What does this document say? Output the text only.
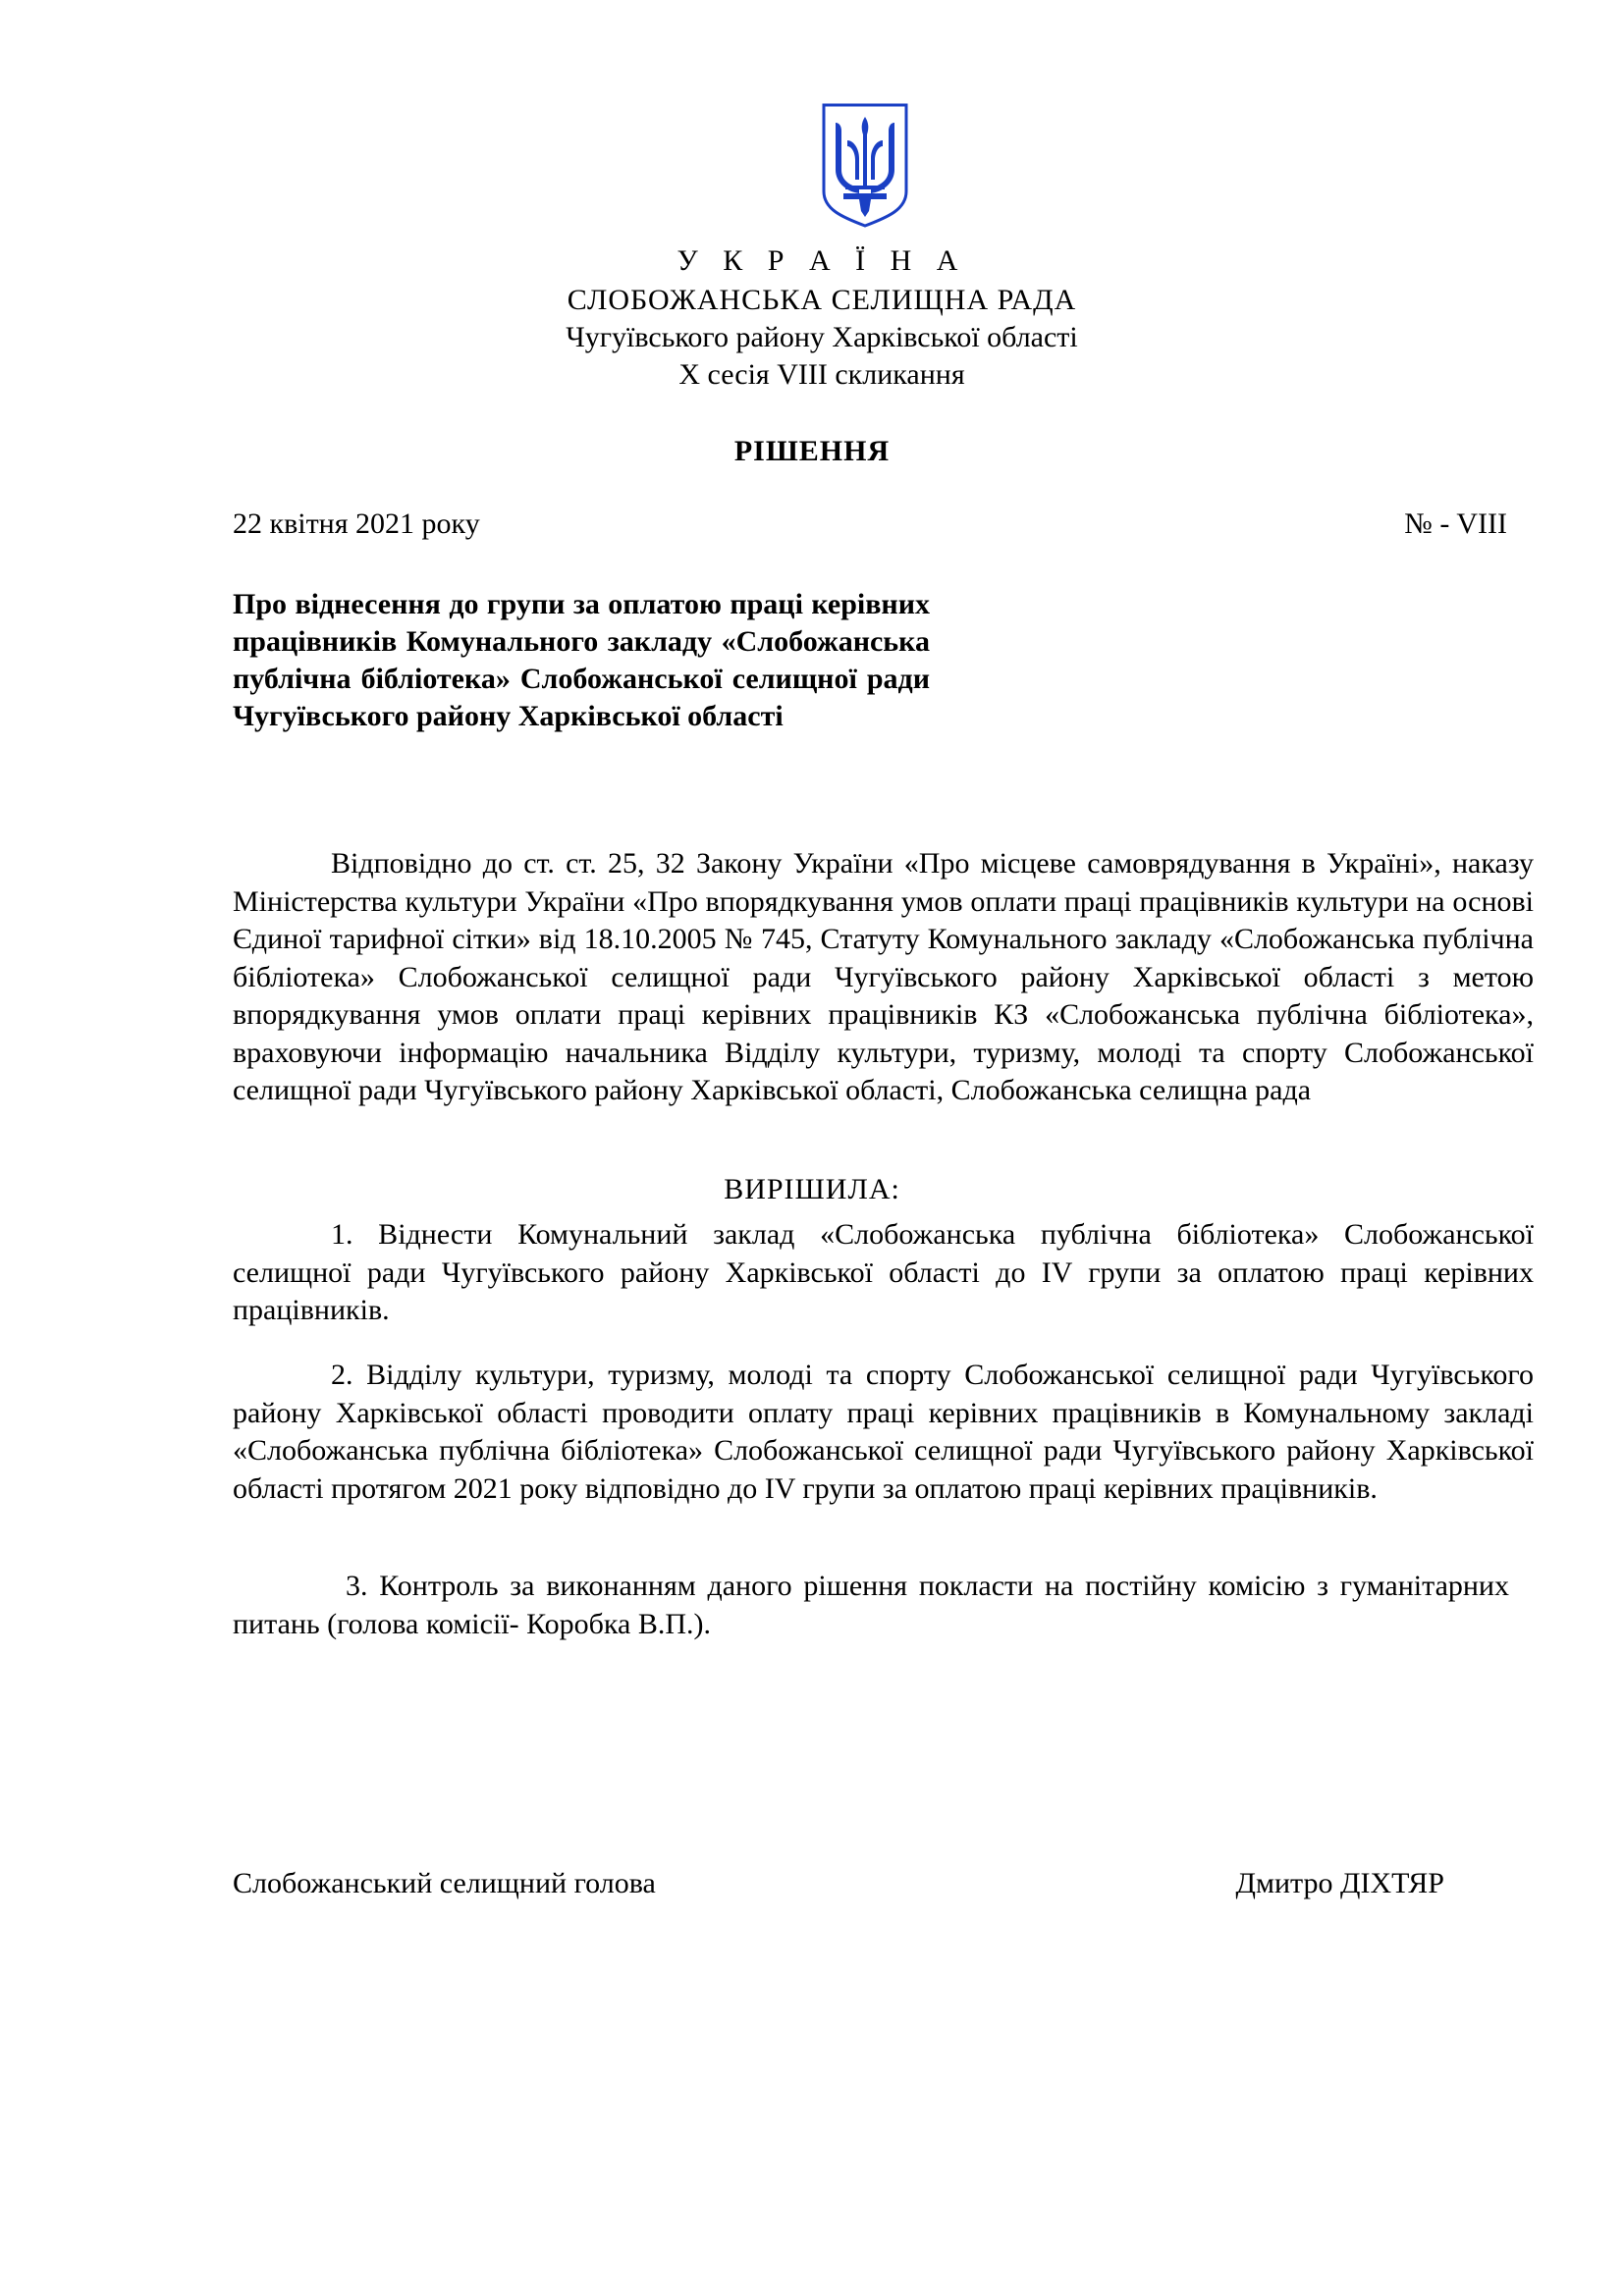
У К Р А Ї Н А
СЛОБОЖАНСЬКА СЕЛИЩНА РАДА
Чугуївського району Харківської області
X сесія VIII скликання
РІШЕННЯ
22 квітня 2021 року	№ - VIII
Про віднесення до групи за оплатою праці керівних працівників Комунального закладу «Слобожанська публічна бібліотека» Слобожанської селищної ради Чугуївського району Харківської області

Відповідно до ст. ст. 25, 32 Закону України «Про місцеве самоврядування в Україні», наказу Міністерства культури України «Про впорядкування умов оплати праці працівників культури на основі Єдиної тарифної сітки» від 18.10.2005 № 745, Статуту Комунального закладу «Слобожанська публічна бібліотека» Слобожанської селищної ради Чугуївського району Харківської області з метою впорядкування умов оплати праці керівних працівників КЗ «Слобожанська публічна бібліотека», враховуючи інформацію начальника Відділу культури, туризму, молоді та спорту Слобожанської селищної ради Чугуївського району Харківської області, Слобожанська селищна рада

ВИРІШИЛА:

1. Віднести Комунальний заклад «Слобожанська публічна бібліотека» Слобожанської селищної ради Чугуївського району Харківської області до IV групи за оплатою праці керівних працівників.

2. Відділу культури, туризму, молоді та спорту Слобожанської селищної ради Чугуївського району Харківської області проводити оплату праці керівних працівників в Комунальному закладі «Слобожанська публічна бібліотека» Слобожанської селищної ради Чугуївського району Харківської області протягом 2021 року відповідно до IV групи за оплатою праці керівних працівників.

3. Контроль за виконанням даного рішення покласти на постійну комісію з гуманітарних питань (голова комісії- Коробка В.П.).

Слобожанський селищний голова	Дмитро ДІХТЯР
